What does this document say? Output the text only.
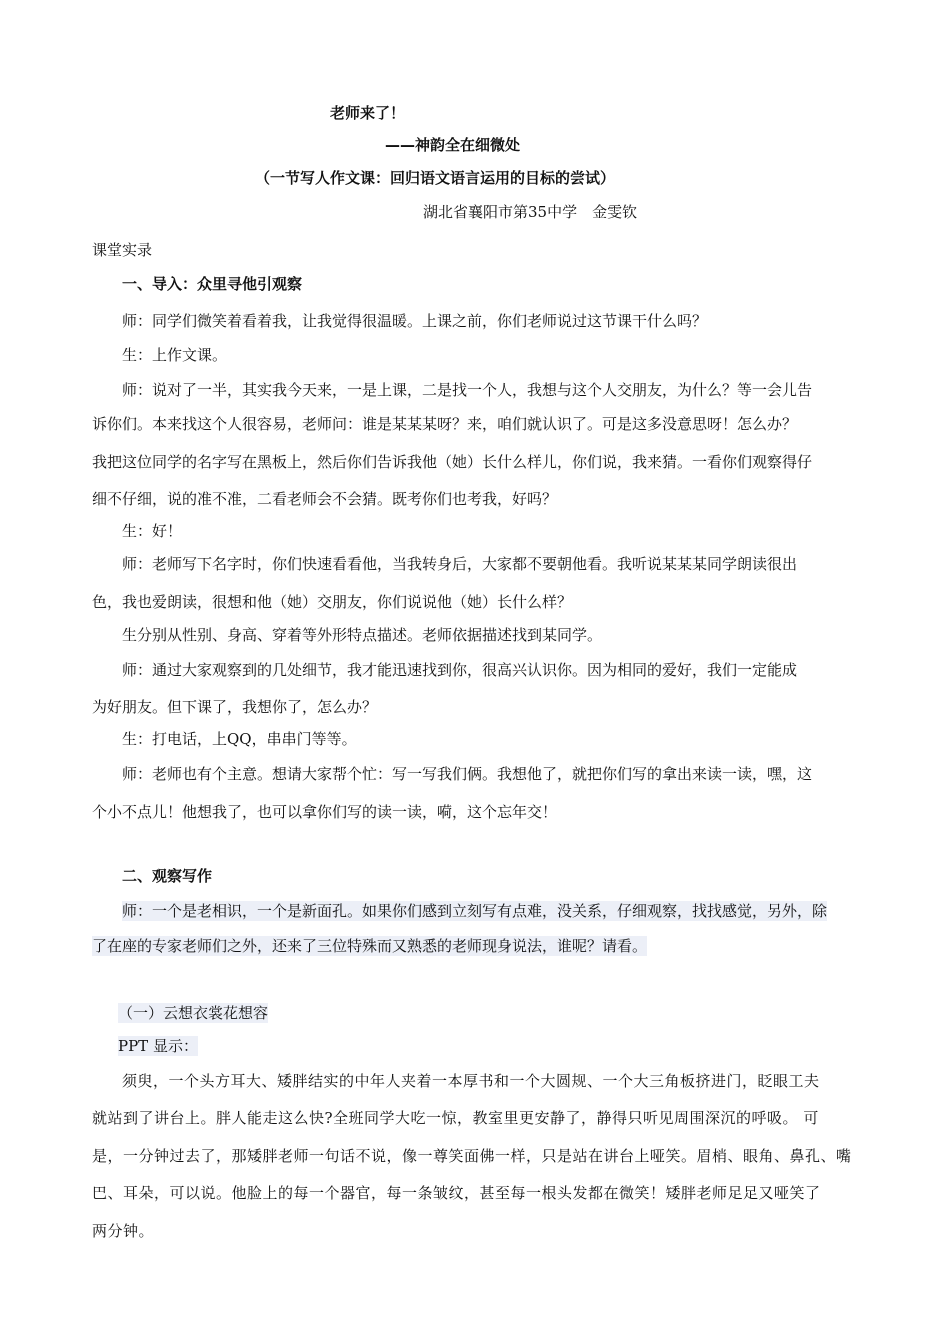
老师来了！
——神韵全在细微处
（一节写人作文课：回归语文语言运用的目标的尝试）
湖北省襄阳市第35中学　金雯钦
课堂实录
一、导入：众里寻他引观察
师：同学们微笑着看着我，让我觉得很温暖。上课之前，你们老师说过这节课干什么吗？
生：上作文课。
师：说对了一半，其实我今天来，一是上课，二是找一个人，我想与这个人交朋友，为什么？等一会儿告
诉你们。本来找这个人很容易，老师问：谁是某某某呀？来，咱们就认识了。可是这多没意思呀！怎么办？
我把这位同学的名字写在黑板上，然后你们告诉我他（她）长什么样儿，你们说，我来猜。一看你们观察得仔
细不仔细，说的准不准，二看老师会不会猜。既考你们也考我，好吗？
生：好！
师：老师写下名字时，你们快速看看他，当我转身后，大家都不要朝他看。我听说某某某同学朗读很出
色，我也爱朗读，很想和他（她）交朋友，你们说说他（她）长什么样？
生分别从性别、身高、穿着等外形特点描述。老师依据描述找到某同学。
师：通过大家观察到的几处细节，我才能迅速找到你，很高兴认识你。因为相同的爱好，我们一定能成
为好朋友。但下课了，我想你了，怎么办？
生：打电话，上QQ，串串门等等。
师：老师也有个主意。想请大家帮个忙：写一写我们俩。我想他了，就把你们写的拿出来读一读，嘿，这
个小不点儿！他想我了，也可以拿你们写的读一读，嗬，这个忘年交！
二、观察写作
师：一个是老相识，一个是新面孔。如果你们感到立刻写有点难，没关系，仔细观察，找找感觉，另外，除
了在座的专家老师们之外，还来了三位特殊而又熟悉的老师现身说法，谁呢？请看。
（一）云想衣裳花想容
PPT 显示：
须臾，一个头方耳大、矮胖结实的中年人夹着一本厚书和一个大圆规、一个大三角板挤进门，眨眼工夫
就站到了讲台上。胖人能走这么快?全班同学大吃一惊，教室里更安静了，静得只听见周围深沉的呼吸。 可
是，一分钟过去了，那矮胖老师一句话不说，像一尊笑面佛一样，只是站在讲台上哑笑。眉梢、眼角、鼻孔、嘴
巴、耳朵，可以说。他脸上的每一个器官，每一条皱纹，甚至每一根头发都在微笑！矮胖老师足足又哑笑了
两分钟。
